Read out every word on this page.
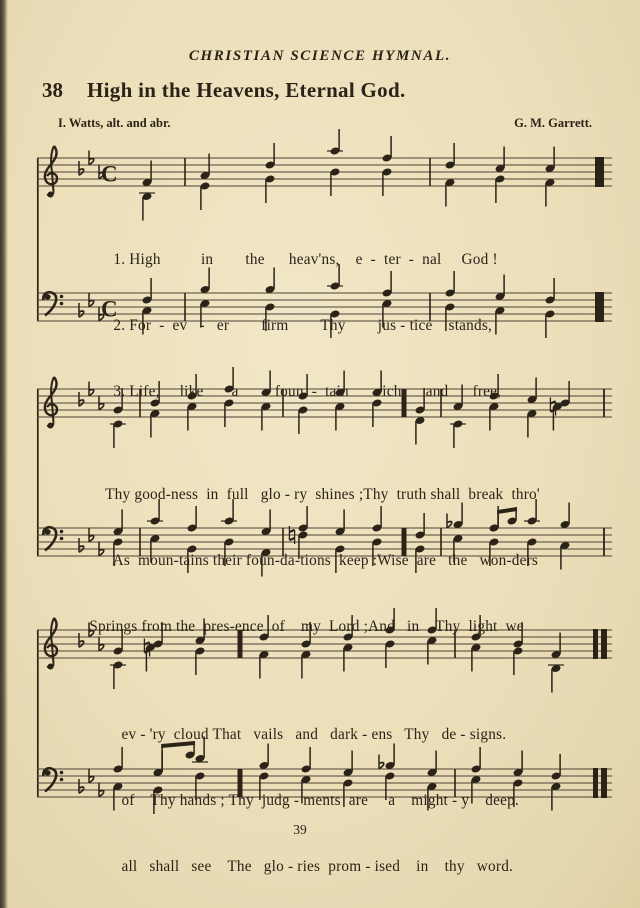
CHRISTIAN SCIENCE HYMNAL.
38 High in the Heavens, Eternal God.
I. Watts, alt. and abr.	G. M. Garrett.
C
C

1. High          in        the      heav'ns,    e  -  ter  -  nal     God !

2. For  -  ev   -   er        firm        Thy        jus - tice    stands,

3. Life,     like       a         foun  -  tain       rich      and      free,

Thy good-ness  in  full   glo - ry  shines ;Thy  truth shall  break  thro'

As  moun-tains their foun-da-tions  keep :Wise  are   the   won-ders

Springs from the  pres-ence  of    my  Lord ;And   in    Thy  light  we

ev - 'ry  cloud That   vails   and   dark - ens   Thy   de - signs.

of    Thy hands ; Thy  judg - ments  are     a    might - y    deep.

all   shall   see    The   glo - ries  prom - ised    in    thy   word.

39
